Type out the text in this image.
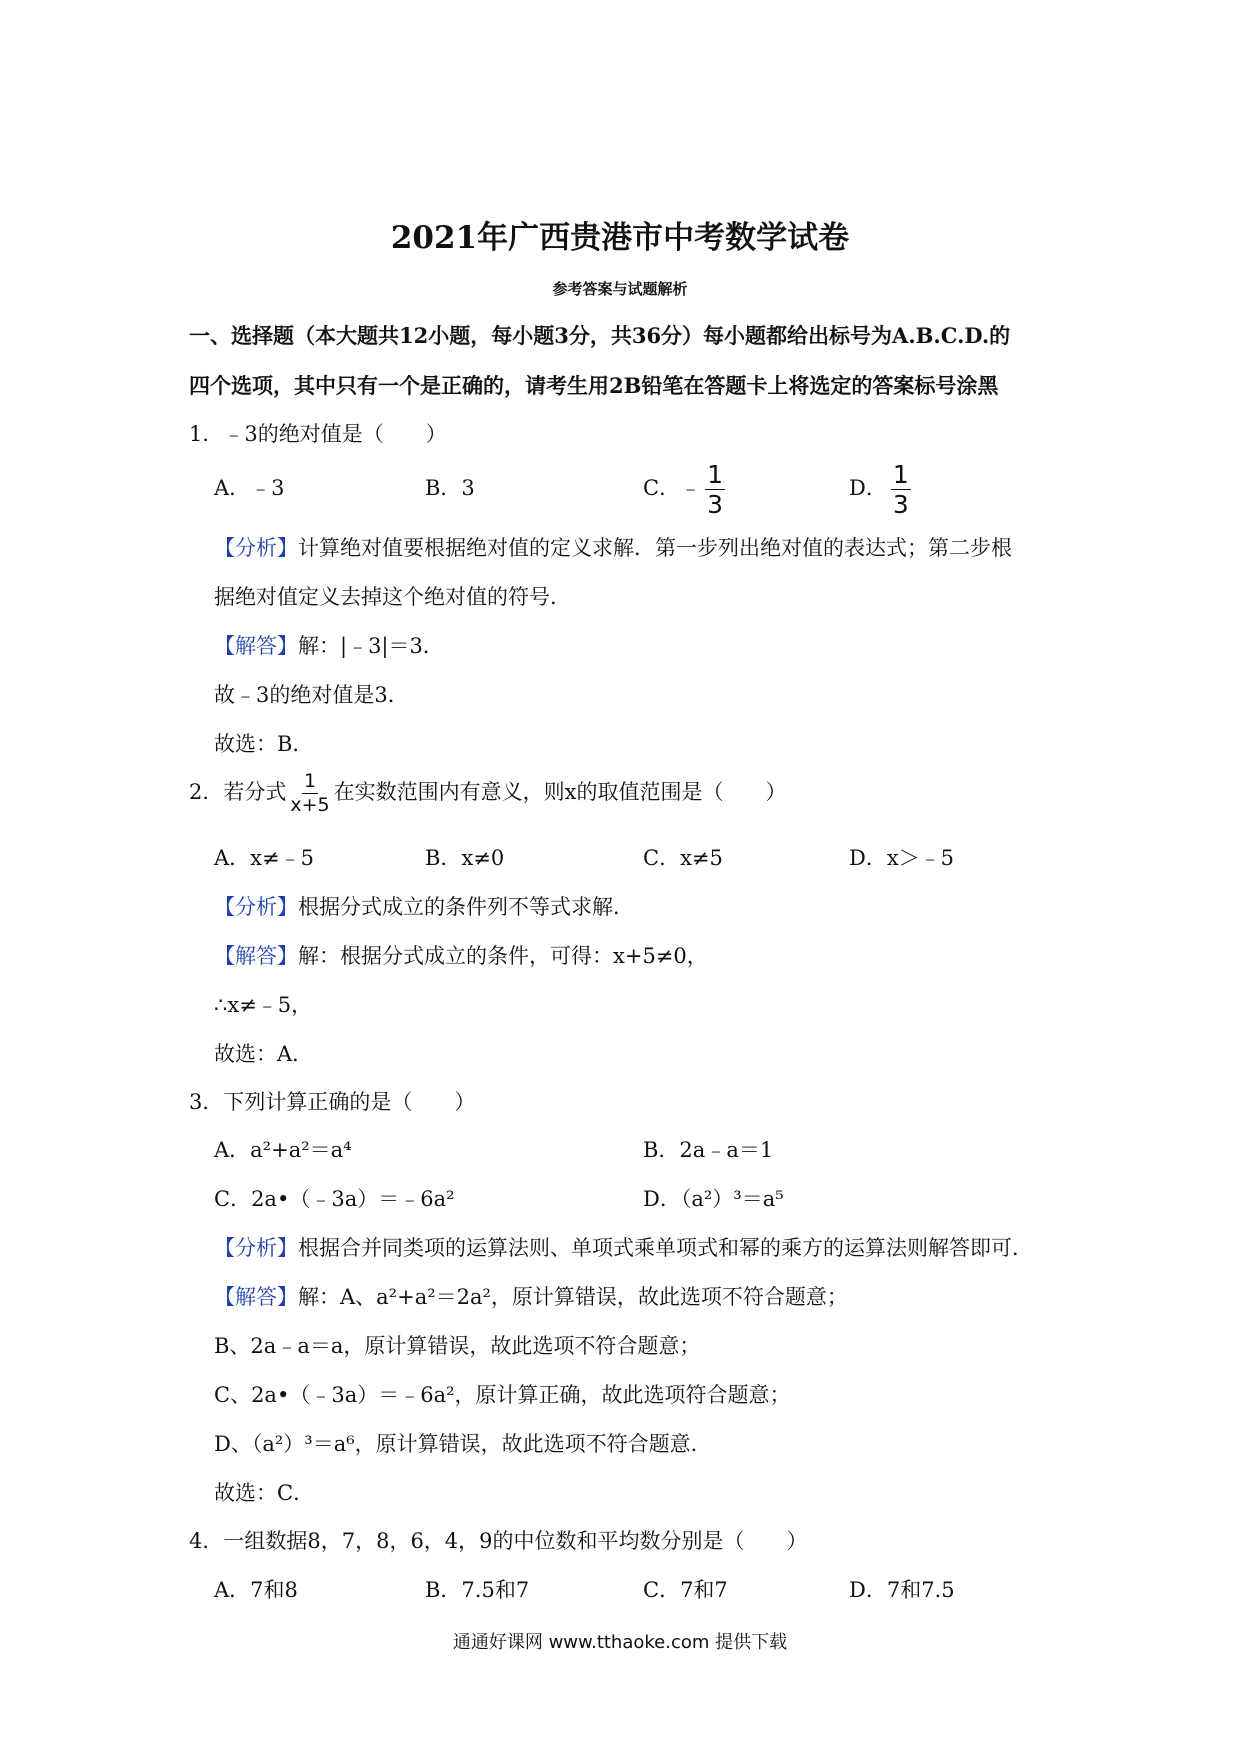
2021年广西贵港市中考数学试卷
参考答案与试题解析
一、选择题（本大题共12小题，每小题3分，共36分）每小题都给出标号为A.B.C.D.的
四个选项，其中只有一个是正确的，请考生用2B铅笔在答题卡上将选定的答案标号涂黑
1．﹣3的绝对值是（　　）
A．﹣3	B．3	C．﹣ $\frac{1}{3}$	D． $\frac{1}{3}$
【分析】计算绝对值要根据绝对值的定义求解．第一步列出绝对值的表达式；第二步根
据绝对值定义去掉这个绝对值的符号．
【解答】解：|﹣3|＝3．
故﹣3的绝对值是3．
故选：B．
2．若分式 $\frac{1}{x+5}$ 在实数范围内有意义，则x的取值范围是（　　）
A．x≠﹣5	B．x≠0	C．x≠5	D．x＞﹣5
【分析】根据分式成立的条件列不等式求解．
【解答】解：根据分式成立的条件，可得：x+5≠0，
∴x≠﹣5，
故选：A．
3．下列计算正确的是（　　）
A．a²+a²＝a⁴	B．2a﹣a＝1
C．2a•（﹣3a）＝﹣6a²	D．（a²）³＝a⁵
【分析】根据合并同类项的运算法则、单项式乘单项式和幂的乘方的运算法则解答即可．
【解答】解：A、a²+a²＝2a²，原计算错误，故此选项不符合题意；
B、2a﹣a＝a，原计算错误，故此选项不符合题意；
C、2a•（﹣3a）＝﹣6a²，原计算正确，故此选项符合题意；
D、（a²）³＝a⁶，原计算错误，故此选项不符合题意．
故选：C．
4．一组数据8，7，8，6，4，9的中位数和平均数分别是（　　）
A．7和8	B．7.5和7	C．7和7	D．7和7.5
通通好课网 www.tthaoke.com 提供下载
